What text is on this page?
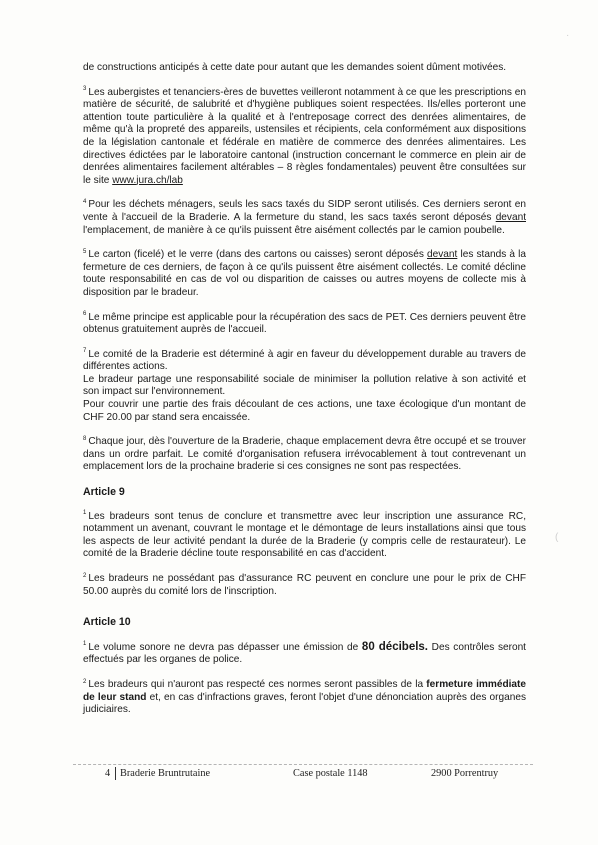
·
(

de constructions anticipés à cette date pour autant que les demandes soient dûment motivées.

$^3$ Les aubergistes et tenanciers-ères de buvettes veilleront notamment à ce que les prescriptions en matière de sécurité, de salubrité et d'hygiène publiques soient respectées. Ils/elles porteront une attention toute particulière à la qualité et à l'entreposage correct des denrées alimentaires, de même qu'à la propreté des appareils, ustensiles et récipients, cela conformément aux dispositions de la législation cantonale et fédérale en matière de commerce des denrées alimentaires. Les directives édictées par le laboratoire cantonal (instruction concernant le commerce en plein air de denrées alimentaires facilement altérables – 8 règles fondamentales) peuvent être consultées sur le site www.jura.ch/lab

$^4$ Pour les déchets ménagers, seuls les sacs taxés du SIDP seront utilisés. Ces derniers seront en vente à l'accueil de la Braderie. A la fermeture du stand, les sacs taxés seront déposés devant l'emplacement, de manière à ce qu'ils puissent être aisément collectés par le camion poubelle.

$^5$ Le carton (ficelé) et le verre (dans des cartons ou caisses) seront déposés devant les stands à la fermeture de ces derniers, de façon à ce qu'ils puissent être aisément collectés. Le comité décline toute responsabilité en cas de vol ou disparition de caisses ou autres moyens de collecte mis à disposition par le bradeur.

$^6$ Le même principe est applicable pour la récupération des sacs de PET. Ces derniers peuvent être obtenus gratuitement auprès de l'accueil.

$^7$ Le comité de la Braderie est déterminé à agir en faveur du développement durable au travers de différentes actions.
Le bradeur partage une responsabilité sociale de minimiser la pollution relative à son activité et son impact sur l'environnement.
Pour couvrir une partie des frais découlant de ces actions, une taxe écologique d'un montant de CHF 20.00 par stand sera encaissée.

$^8$ Chaque jour, dès l'ouverture de la Braderie, chaque emplacement devra être occupé et se trouver dans un ordre parfait. Le comité d'organisation refusera irrévocablement à tout contrevenant un emplacement lors de la prochaine braderie si ces consignes ne sont pas respectées.

Article 9

$^1$ Les bradeurs sont tenus de conclure et transmettre avec leur inscription une assurance RC, notamment un avenant, couvrant le montage et le démontage de leurs installations ainsi que tous les aspects de leur activité pendant la durée de la Braderie (y compris celle de restaurateur). Le comité de la Braderie décline toute responsabilité en cas d'accident.

$^2$ Les bradeurs ne possédant pas d'assurance RC peuvent en conclure une pour le prix de CHF 50.00 auprès du comité lors de l'inscription.

Article 10

$^1$ Le volume sonore ne devra pas dépasser une émission de 80 décibels. Des contrôles seront effectués par les organes de police.

$^2$ Les bradeurs qui n'auront pas respecté ces normes seront passibles de la fermeture immédiate de leur stand et, en cas d'infractions graves, feront l'objet d'une dénonciation auprès des organes judiciaires.

4 Braderie Bruntrutaine	Case postale 1148	2900 Porrentruy
